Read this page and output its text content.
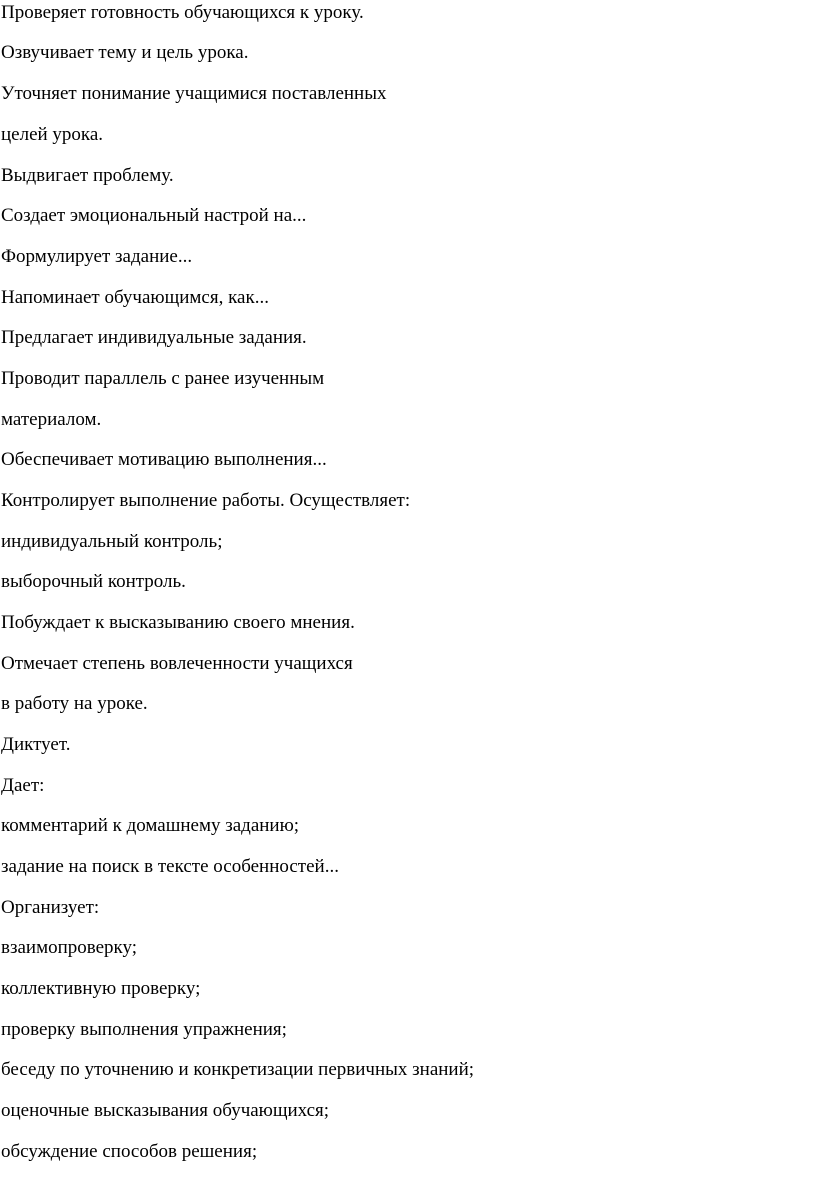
Проверяет готовность обучающихся к уроку.

Озвучивает тему и цель урока.

Уточняет понимание учащимися поставленных

целей урока.

Выдвигает проблему.

Создает эмоциональный настрой на...

Формулирует задание...

Напоминает обучающимся, как...

Предлагает индивидуальные задания.

Проводит параллель с ранее изученным

материалом.

Обеспечивает мотивацию выполнения...

Контролирует выполнение работы. Осуществляет:

индивидуальный контроль;

выборочный контроль.

Побуждает к высказыванию своего мнения.

Отмечает степень вовлеченности учащихся

в работу на уроке.

Диктует.

Дает:

комментарий к домашнему заданию;

задание на поиск в тексте особенностей...

Организует:

взаимопроверку;

коллективную проверку;

проверку выполнения упражнения;

беседу по уточнению и конкретизации первичных знаний;

оценочные высказывания обучающихся;

обсуждение способов решения;
